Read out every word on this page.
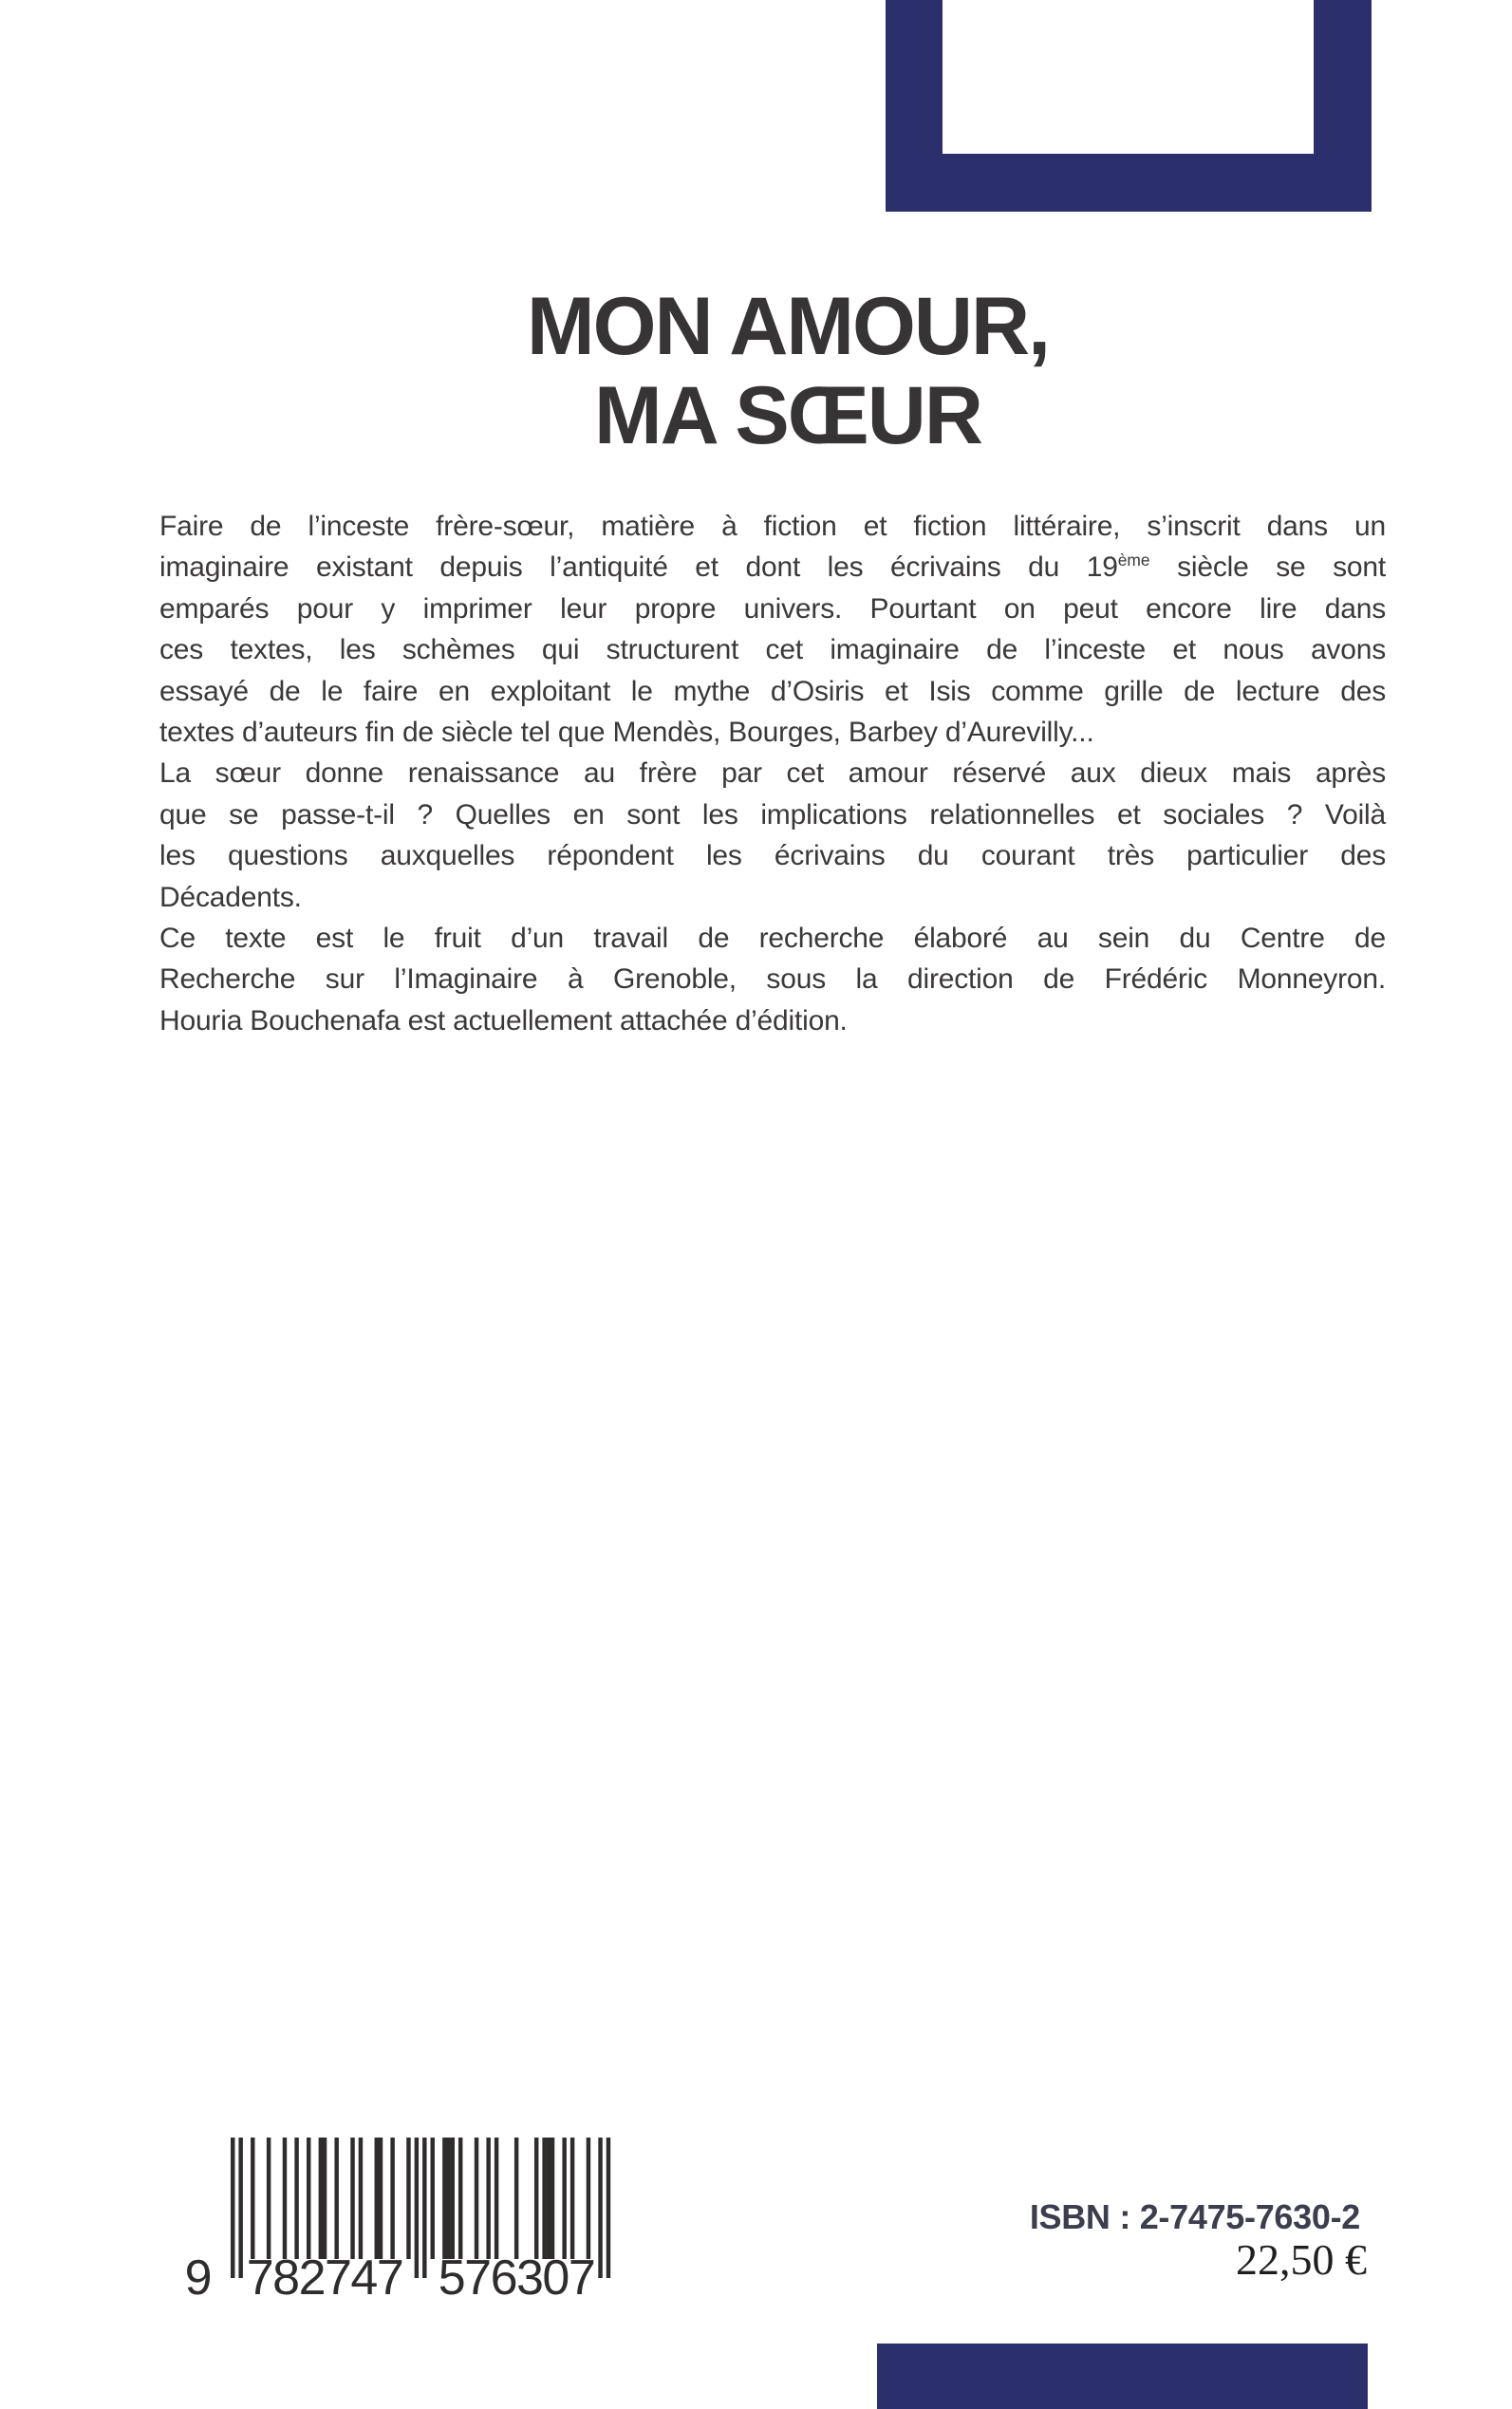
MON AMOUR,
MA SŒUR
Faire de l’inceste frère-sœur, matière à fiction et fiction littéraire, s’inscrit dans un
imaginaire existant depuis l’antiquité et dont les écrivains du 19ème siècle se sont
emparés pour y imprimer leur propre univers. Pourtant on peut encore lire dans
ces textes, les schèmes qui structurent cet imaginaire de l’inceste et nous avons
essayé de le faire en exploitant le mythe d’Osiris et Isis comme grille de lecture des
textes d’auteurs fin de siècle tel que Mendès, Bourges, Barbey d’Aurevilly...
La sœur donne renaissance au frère par cet amour réservé aux dieux mais après
que se passe-t-il ? Quelles en sont les implications relationnelles et sociales ? Voilà
les questions auxquelles répondent les écrivains du courant très particulier des
Décadents.
Ce texte est le fruit d’un travail de recherche élaboré au sein du Centre de
Recherche sur l’Imaginaire à Grenoble, sous la direction de Frédéric Monneyron.
Houria Bouchenafa est actuellement attachée d’édition.
9 782747 576307
ISBN : 2-7475-7630-2
22,50 €
